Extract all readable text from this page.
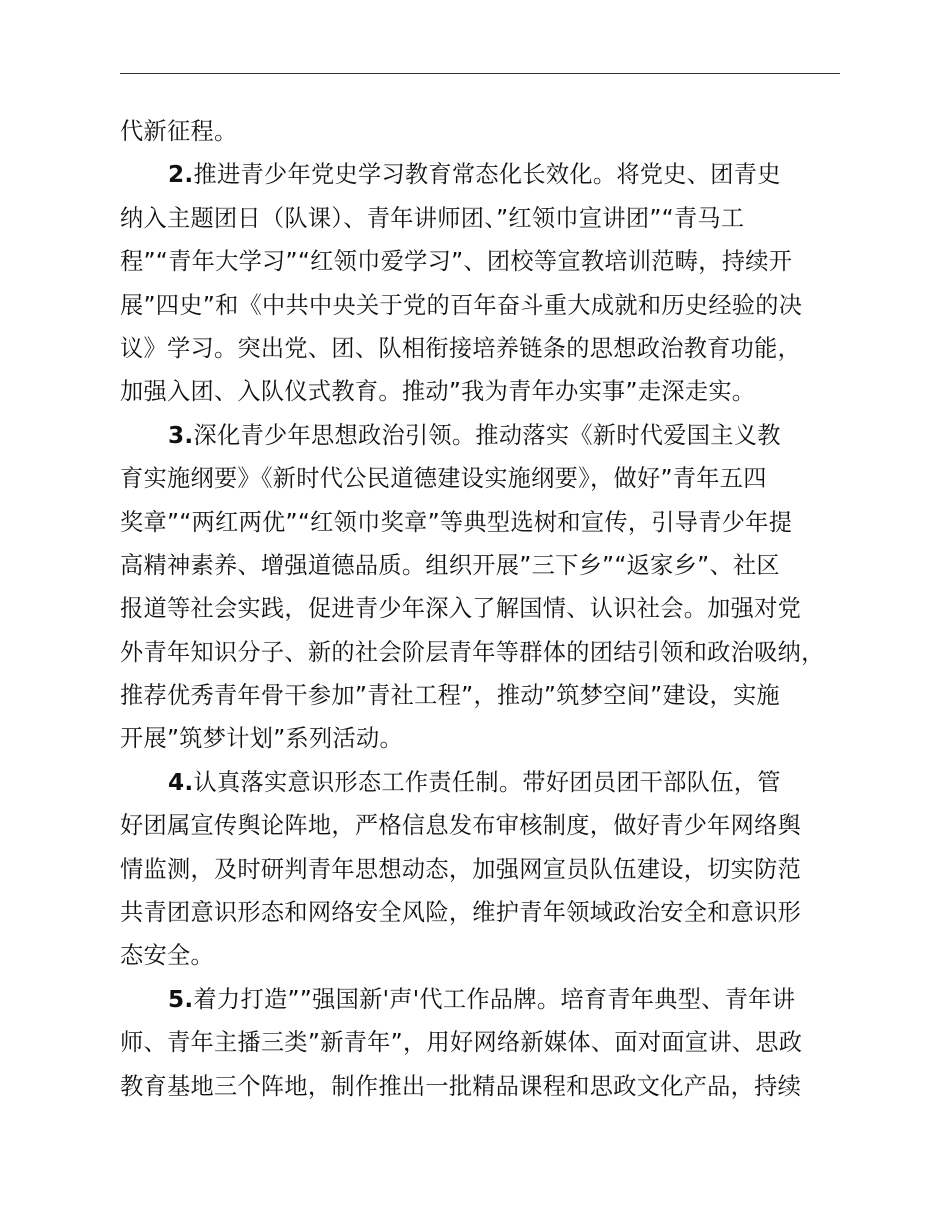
代新征程。
2.推进青少年党史学习教育常态化长效化。将党史、团青史
纳入主题团日（队课）、青年讲师团、”红领巾宣讲团”“青马工
程”“青年大学习”“红领巾爱学习”、团校等宣教培训范畴，持续开
展”四史”和《中共中央关于党的百年奋斗重大成就和历史经验的决
议》学习。突出党、团、队相衔接培养链条的思想政治教育功能，
加强入团、入队仪式教育。推动”我为青年办实事”走深走实。
3.深化青少年思想政治引领。推动落实《新时代爱国主义教
育实施纲要》《新时代公民道德建设实施纲要》，做好”青年五四
奖章”“两红两优”“红领巾奖章”等典型选树和宣传，引导青少年提
高精神素养、增强道德品质。组织开展”三下乡”“返家乡”、社区
报道等社会实践，促进青少年深入了解国情、认识社会。加强对党
外青年知识分子、新的社会阶层青年等群体的团结引领和政治吸纳，
推荐优秀青年骨干参加”青社工程”，推动”筑梦空间”建设，实施
开展”筑梦计划”系列活动。
4.认真落实意识形态工作责任制。带好团员团干部队伍，管
好团属宣传舆论阵地，严格信息发布审核制度，做好青少年网络舆
情监测，及时研判青年思想动态，加强网宣员队伍建设，切实防范
共青团意识形态和网络安全风险，维护青年领域政治安全和意识形
态安全。
5.着力打造””强国新'声'代工作品牌。培育青年典型、青年讲
师、青年主播三类”新青年”，用好网络新媒体、面对面宣讲、思政
教育基地三个阵地，制作推出一批精品课程和思政文化产品，持续
